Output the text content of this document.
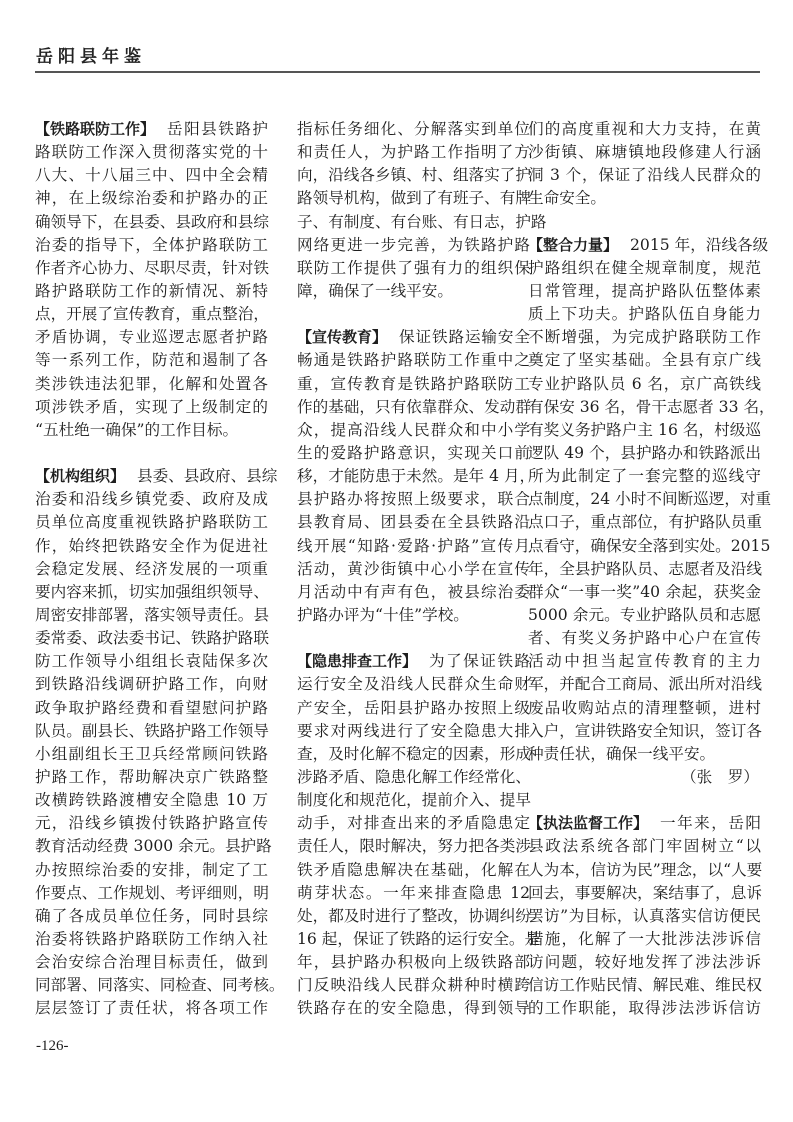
岳阳县年鉴
【铁路联防工作】 岳阳县铁路护
路联防工作深入贯彻落实党的十
八大、十八届三中、四中全会精
神，在上级综治委和护路办的正
确领导下，在县委、县政府和县综
治委的指导下，全体护路联防工
作者齐心协力、尽职尽责，针对铁
路护路联防工作的新情况、新特
点，开展了宣传教育，重点整治，
矛盾协调，专业巡逻志愿者护路
等一系列工作，防范和遏制了各
类涉铁违法犯罪，化解和处置各
项涉铁矛盾，实现了上级制定的
“五杜绝一确保”的工作目标。
【机构组织】 县委、县政府、县综
治委和沿线乡镇党委、政府及成
员单位高度重视铁路护路联防工
作，始终把铁路安全作为促进社
会稳定发展、经济发展的一项重
要内容来抓，切实加强组织领导、
周密安排部署，落实领导责任。县
委常委、政法委书记、铁路护路联
防工作领导小组组长袁陆保多次
到铁路沿线调研护路工作，向财
政争取护路经费和看望慰问护路
队员。副县长、铁路护路工作领导
小组副组长王卫兵经常顾问铁路
护路工作，帮助解决京广铁路整
改横跨铁路渡槽安全隐患 10 万
元，沿线乡镇拨付铁路护路宣传
教育活动经费 3000 余元。县护路
办按照综治委的安排，制定了工
作要点、工作规划、考评细则，明
确了各成员单位任务，同时县综
治委将铁路护路联防工作纳入社
会治安综合治理目标责任，做到
同部署、同落实、同检查、同考核。
层层签订了责任状，将各项工作
指标任务细化、分解落实到单位
和责任人，为护路工作指明了方
向，沿线各乡镇、村、组落实了护
路领导机构，做到了有班子、有牌
子、有制度、有台账、有日志，护路
网络更进一步完善，为铁路护路
联防工作提供了强有力的组织保
障，确保了一线平安。
【宣传教育】 保证铁路运输安全
畅通是铁路护路联防工作重中之
重，宣传教育是铁路护路联防工
作的基础，只有依靠群众、发动群
众，提高沿线人民群众和中小学
生的爱路护路意识，实现关口前
移，才能防患于未然。是年 4 月，
县护路办将按照上级要求，联合
县教育局、团县委在全县铁路沿
线开展“知路·爱路·护路”宣传月
活动，黄沙街镇中心小学在宣传
月活动中有声有色，被县综治委
护路办评为“十佳”学校。
【隐患排查工作】 为了保证铁路
运行安全及沿线人民群众生命财
产安全，岳阳县护路办按照上级
要求对两线进行了安全隐患大排
查，及时化解不稳定的因素，形成
涉路矛盾、隐患化解工作经常化、
制度化和规范化，提前介入、提早
动手，对排查出来的矛盾隐患定
责任人，限时解决，努力把各类涉
铁矛盾隐患解决在基础，化解在
萌芽状态。一年来排查隐患 12
处，都及时进行了整改，协调纠纷
16 起，保证了铁路的运行安全。是
年，县护路办积极向上级铁路部
门反映沿线人民群众耕种时横跨
铁路存在的安全隐患，得到领导
们的高度重视和大力支持，在黄
沙街镇、麻塘镇地段修建人行涵
洞 3 个，保证了沿线人民群众的
生命安全。
【整合力量】 2015 年，沿线各级
护路组织在健全规章制度，规范
日常管理，提高护路队伍整体素
质上下功夫。护路队伍自身能力
不断增强，为完成护路联防工作
奠定了坚实基础。全县有京广线
专业护路队员 6 名，京广高铁线
有保安 36 名，骨干志愿者 33 名，
有奖义务护路户主 16 名，村级巡
逻队 49 个，县护路办和铁路派出
所为此制定了一套完整的巡线守
点制度，24 小时不间断巡逻，对重
点口子，重点部位，有护路队员重
点看守，确保安全落到实处。2015
年，全县护路队员、志愿者及沿线
群众“一事一奖”40 余起，获奖金
5000 余元。专业护路队员和志愿
者、有奖义务护路中心户在宣传
活动中担当起宣传教育的主力
军，并配合工商局、派出所对沿线
废品收购站点的清理整顿，进村
入户，宣讲铁路安全知识，签订各
种责任状，确保一线平安。
（张　罗）
【执法监督工作】 一年来，岳阳
县政法系统各部门牢固树立“以
人为本，信访为民”理念，以“人要
回去，事要解决，案结事了，息诉
罢访”为目标，认真落实信访便民
措施，化解了一大批涉法涉诉信
访问题，较好地发挥了涉法涉诉
信访工作贴民情、解民难、维民权
的工作职能，取得涉法涉诉信访
-126-
